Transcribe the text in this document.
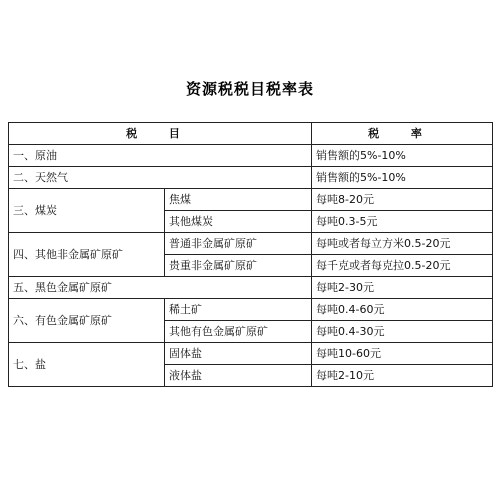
资源税税目税率表
税 目		税 率
一、原油		销售额的5%-10%
二、天然气		销售额的5%-10%
三、煤炭	焦煤	每吨8-20元
	其他煤炭	每吨0.3-5元
四、其他非金属矿原矿	普通非金属矿原矿	每吨或者每立方米0.5-20元
	贵重非金属矿原矿	每千克或者每克拉0.5-20元
五、黑色金属矿原矿		每吨2-30元
六、有色金属矿原矿	稀土矿	每吨0.4-60元
	其他有色金属矿原矿	每吨0.4-30元
七、盐	固体盐	每吨10-60元
	液体盐	每吨2-10元
